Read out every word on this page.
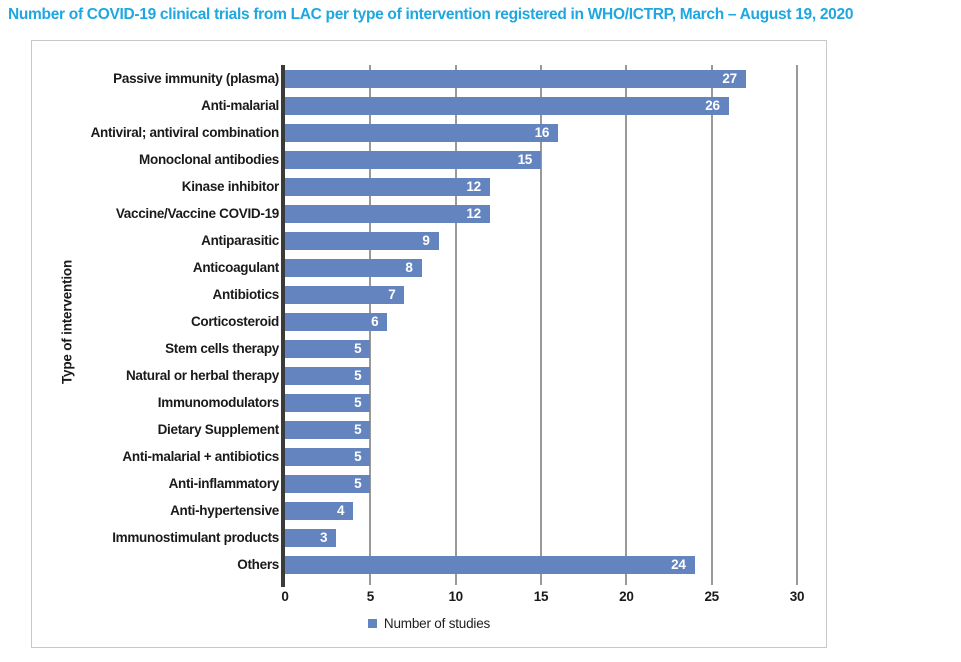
Number of COVID-19 clinical trials from LAC per type of intervention registered in WHO/ICTRP, March – August 19, 2020
Type of intervention
Passive immunity (plasma)
Anti-malarial
Antiviral; antiviral combination
Monoclonal antibodies
Kinase inhibitor
Vaccine/Vaccine COVID-19
Antiparasitic
Anticoagulant
Antibiotics
Corticosteroid
Stem cells therapy
Natural or herbal therapy
Immunomodulators
Dietary Supplement
Anti-malarial + antibiotics
Anti-inflammatory
Anti-hypertensive
Immunostimulant products
Others
27
26
16
15
12
12
9
8
7
6
5
5
5
5
5
5
4
3
24
0	5	10	15	20	25	30
Number of studies
